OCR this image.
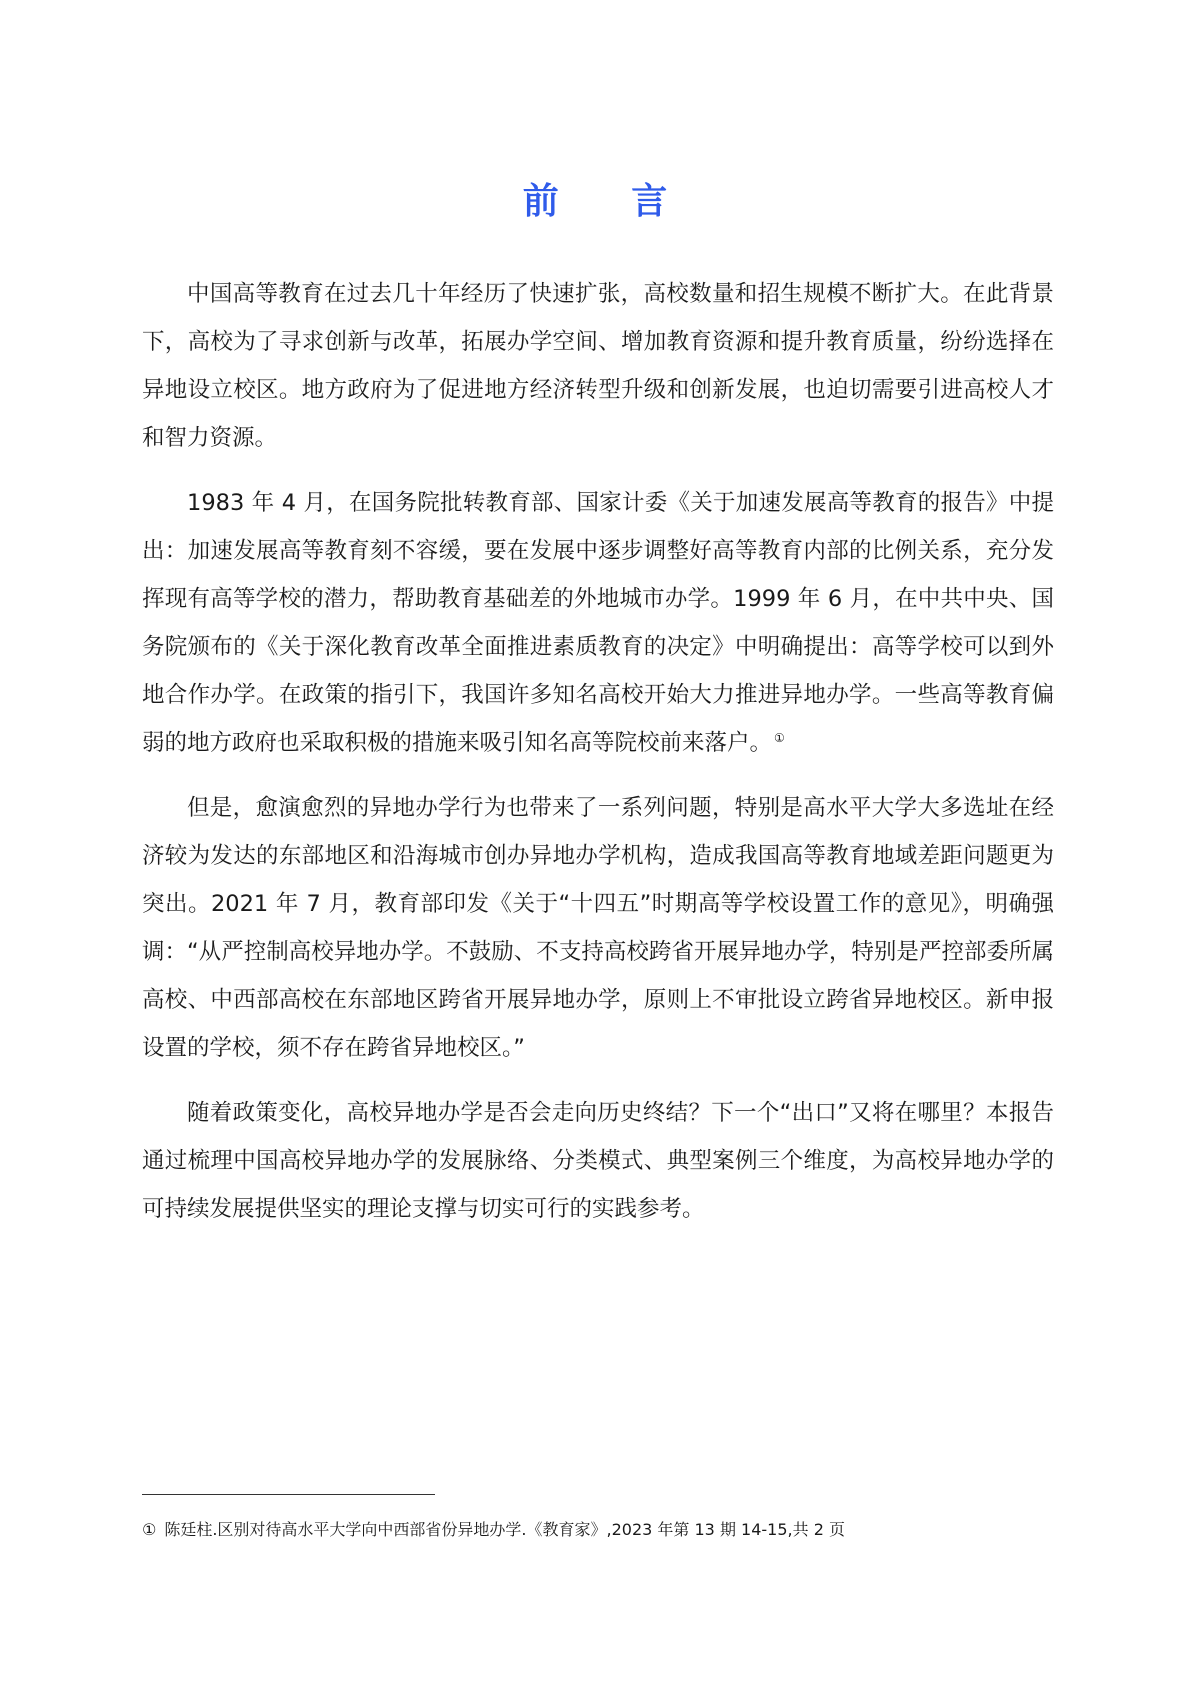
前 言

中国高等教育在过去几十年经历了快速扩张，高校数量和招生规模不断扩大。在此背景下，高校为了寻求创新与改革，拓展办学空间、增加教育资源和提升教育质量，纷纷选择在异地设立校区。地方政府为了促进地方经济转型升级和创新发展，也迫切需要引进高校人才和智力资源。

1983 年 4 月，在国务院批转教育部、国家计委《关于加速发展高等教育的报告》中提出：加速发展高等教育刻不容缓，要在发展中逐步调整好高等教育内部的比例关系，充分发挥现有高等学校的潜力，帮助教育基础差的外地城市办学。1999 年 6 月，在中共中央、国务院颁布的《关于深化教育改革全面推进素质教育的决定》中明确提出：高等学校可以到外地合作办学。在政策的指引下，我国许多知名高校开始大力推进异地办学。一些高等教育偏弱的地方政府也采取积极的措施来吸引知名高等院校前来落户。 ①

但是，愈演愈烈的异地办学行为也带来了一系列问题，特别是高水平大学大多选址在经济较为发达的东部地区和沿海城市创办异地办学机构，造成我国高等教育地域差距问题更为突出。2021 年 7 月，教育部印发《关于“十四五”时期高等学校设置工作的意见》，明确强调：“从严控制高校异地办学。不鼓励、不支持高校跨省开展异地办学，特别是严控部委所属高校、中西部高校在东部地区跨省开展异地办学，原则上不审批设立跨省异地校区。新申报设置的学校，须不存在跨省异地校区。”

随着政策变化，高校异地办学是否会走向历史终结？下一个“出口”又将在哪里？本报告通过梳理中国高校异地办学的发展脉络、分类模式、典型案例三个维度，为高校异地办学的可持续发展提供坚实的理论支撑与切实可行的实践参考。

① 陈廷柱.区别对待高水平大学向中西部省份异地办学.《教育家》,2023 年第 13 期 14-15,共 2 页
